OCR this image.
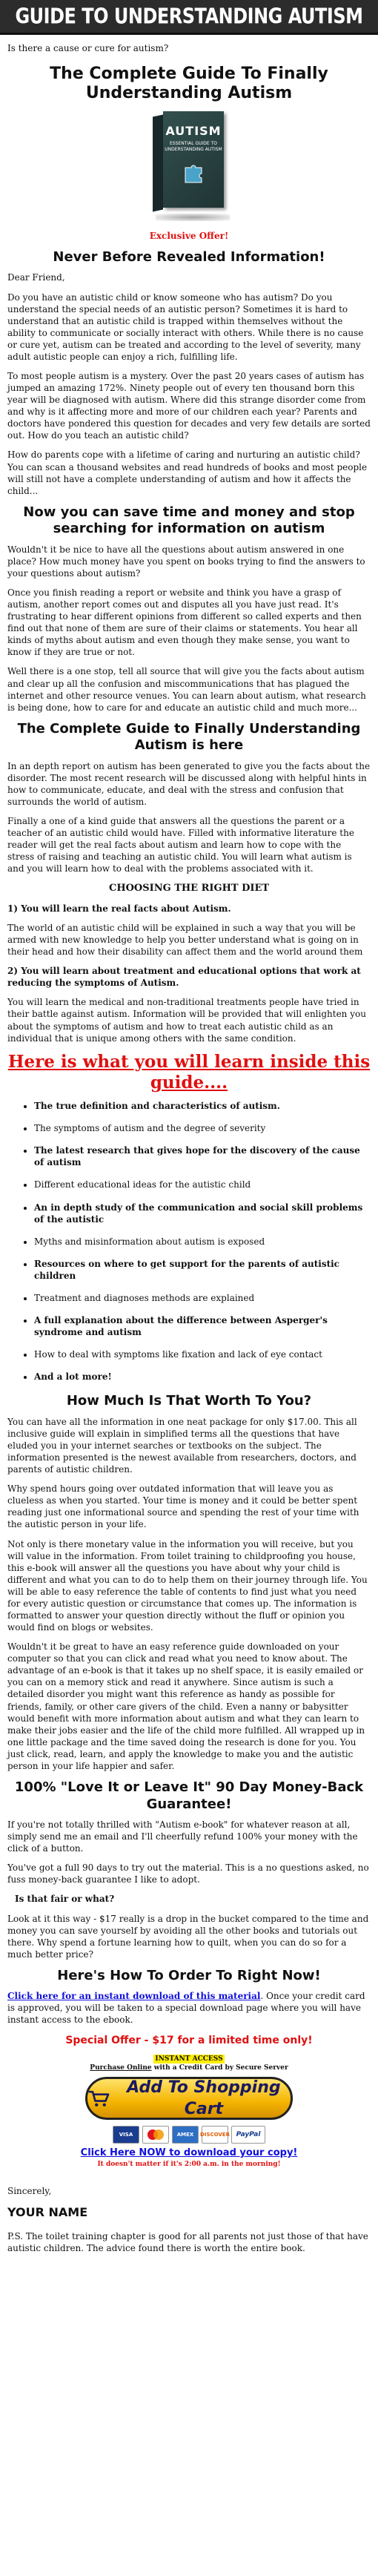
GUIDE TO UNDERSTANDING AUTISM

Is there a cause or cure for autism?

The Complete Guide To Finally Understanding Autism
AUTISM
ESSENTIAL GUIDE TO UNDERSTANDING AUTISM
Exclusive Offer!
Never Before Revealed Information!

Dear Friend,

Do you have an autistic child or know someone who has autism? Do you understand the special needs of an autistic person? Sometimes it is hard to understand that an autistic child is trapped within themselves without the ability to communicate or socially interact with others. While there is no cause or cure yet, autism can be treated and according to the level of severity, many adult autistic people can enjoy a rich, fulfilling life.

To most people autism is a mystery. Over the past 20 years cases of autism has jumped an amazing 172%. Ninety people out of every ten thousand born this year will be diagnosed with autism. Where did this strange disorder come from and why is it affecting more and more of our children each year? Parents and doctors have pondered this question for decades and very few details are sorted out. How do you teach an autistic child?

How do parents cope with a lifetime of caring and nurturing an autistic child? You can scan a thousand websites and read hundreds of books and most people will still not have a complete understanding of autism and how it affects the child...

Now you can save time and money and stop searching for information on autism

Wouldn't it be nice to have all the questions about autism answered in one place? How much money have you spent on books trying to find the answers to your questions about autism?

Once you finish reading a report or website and think you have a grasp of autism, another report comes out and disputes all you have just read. It's frustrating to hear different opinions from different so called experts and then find out that none of them are sure of their claims or statements. You hear all kinds of myths about autism and even though they make sense, you want to know if they are true or not.

Well there is a one stop, tell all source that will give you the facts about autism and clear up all the confusion and miscommunications that has plagued the internet and other resource venues. You can learn about autism, what research is being done, how to care for and educate an autistic child and much more...

The Complete Guide to Finally Understanding Autism is here

In an depth report on autism has been generated to give you the facts about the disorder. The most recent research will be discussed along with helpful hints in how to communicate, educate, and deal with the stress and confusion that surrounds the world of autism.

Finally a one of a kind guide that answers all the questions the parent or a teacher of an autistic child would have. Filled with informative literature the reader will get the real facts about autism and learn how to cope with the stress of raising and teaching an autistic child. You will learn what autism is and you will learn how to deal with the problems associated with it.

CHOOSING THE RIGHT DIET

1) You will learn the real facts about Autism.

The world of an autistic child will be explained in such a way that you will be armed with new knowledge to help you better understand what is going on in their head and how their disability can affect them and the world around them

2) You will learn about treatment and educational options that work at reducing the symptoms of Autism.

You will learn the medical and non-traditional treatments people have tried in their battle against autism. Information will be provided that will enlighten you about the symptoms of autism and how to treat each autistic child as an individual that is unique among others with the same condition.

Here is what you will learn inside this guide....
• The true definition and characteristics of autism.
• The symptoms of autism and the degree of severity
• The latest research that gives hope for the discovery of the cause of autism
• Different educational ideas for the autistic child
• An in depth study of the communication and social skill problems of the autistic
• Myths and misinformation about autism is exposed
• Resources on where to get support for the parents of autistic children
• Treatment and diagnoses methods are explained
• A full explanation about the difference between Asperger's syndrome and autism
• How to deal with symptoms like fixation and lack of eye contact
• And a lot more!
How Much Is That Worth To You?

You can have all the information in one neat package for only $17.00. This all inclusive guide will explain in simplified terms all the questions that have eluded you in your internet searches or textbooks on the subject. The information presented is the newest available from researchers, doctors, and parents of autistic children.

Why spend hours going over outdated information that will leave you as clueless as when you started. Your time is money and it could be better spent reading just one informational source and spending the rest of your time with the autistic person in your life.

Not only is there monetary value in the information you will receive, but you will value in the information. From toilet training to childproofing you house, this e-book will answer all the questions you have about why your child is different and what you can to do to help them on their journey through life. You will be able to easy reference the table of contents to find just what you need for every autistic question or circumstance that comes up. The information is formatted to answer your question directly without the fluff or opinion you would find on blogs or websites.

Wouldn't it be great to have an easy reference guide downloaded on your computer so that you can click and read what you need to know about. The advantage of an e-book is that it takes up no shelf space, it is easily emailed or you can on a memory stick and read it anywhere. Since autism is such a detailed disorder you might want this reference as handy as possible for friends, family, or other care givers of the child. Even a nanny or babysitter would benefit with more information about autism and what they can learn to make their jobs easier and the life of the child more fulfilled. All wrapped up in one little package and the time saved doing the research is done for you. You just click, read, learn, and apply the knowledge to make you and the autistic person in your life happier and safer.

100% "Love It or Leave It" 90 Day Money-Back Guarantee!

If you're not totally thrilled with "Autism e-book" for whatever reason at all, simply send me an email and I'll cheerfully refund 100% your money with the click of a button.

You've got a full 90 days to try out the material. This is a no questions asked, no fuss money-back guarantee I like to adopt.

Is that fair or what?

Look at it this way - $17 really is a drop in the bucket compared to the time and money you can save yourself by avoiding all the other books and tutorials out there. Why spend a fortune learning how to quilt, when you can do so for a much better price?

Here's How To Order To Right Now!

Click here for an instant download of this material. Once your credit card is approved, you will be taken to a special download page where you will have instant access to the ebook.

Special Offer - $17 for a limited time only!
INSTANT ACCESS
Purchase Online with a Credit Card by Secure Server
Add To Shopping Cart
VISA	AMEX	DISCOVER PayPal
Click Here NOW to download your copy!
It doesn't matter if it's 2:00 a.m. in the morning!

Sincerely,

YOUR NAME

P.S. The toilet training chapter is good for all parents not just those of that have autistic children. The advice found there is worth the entire book.
